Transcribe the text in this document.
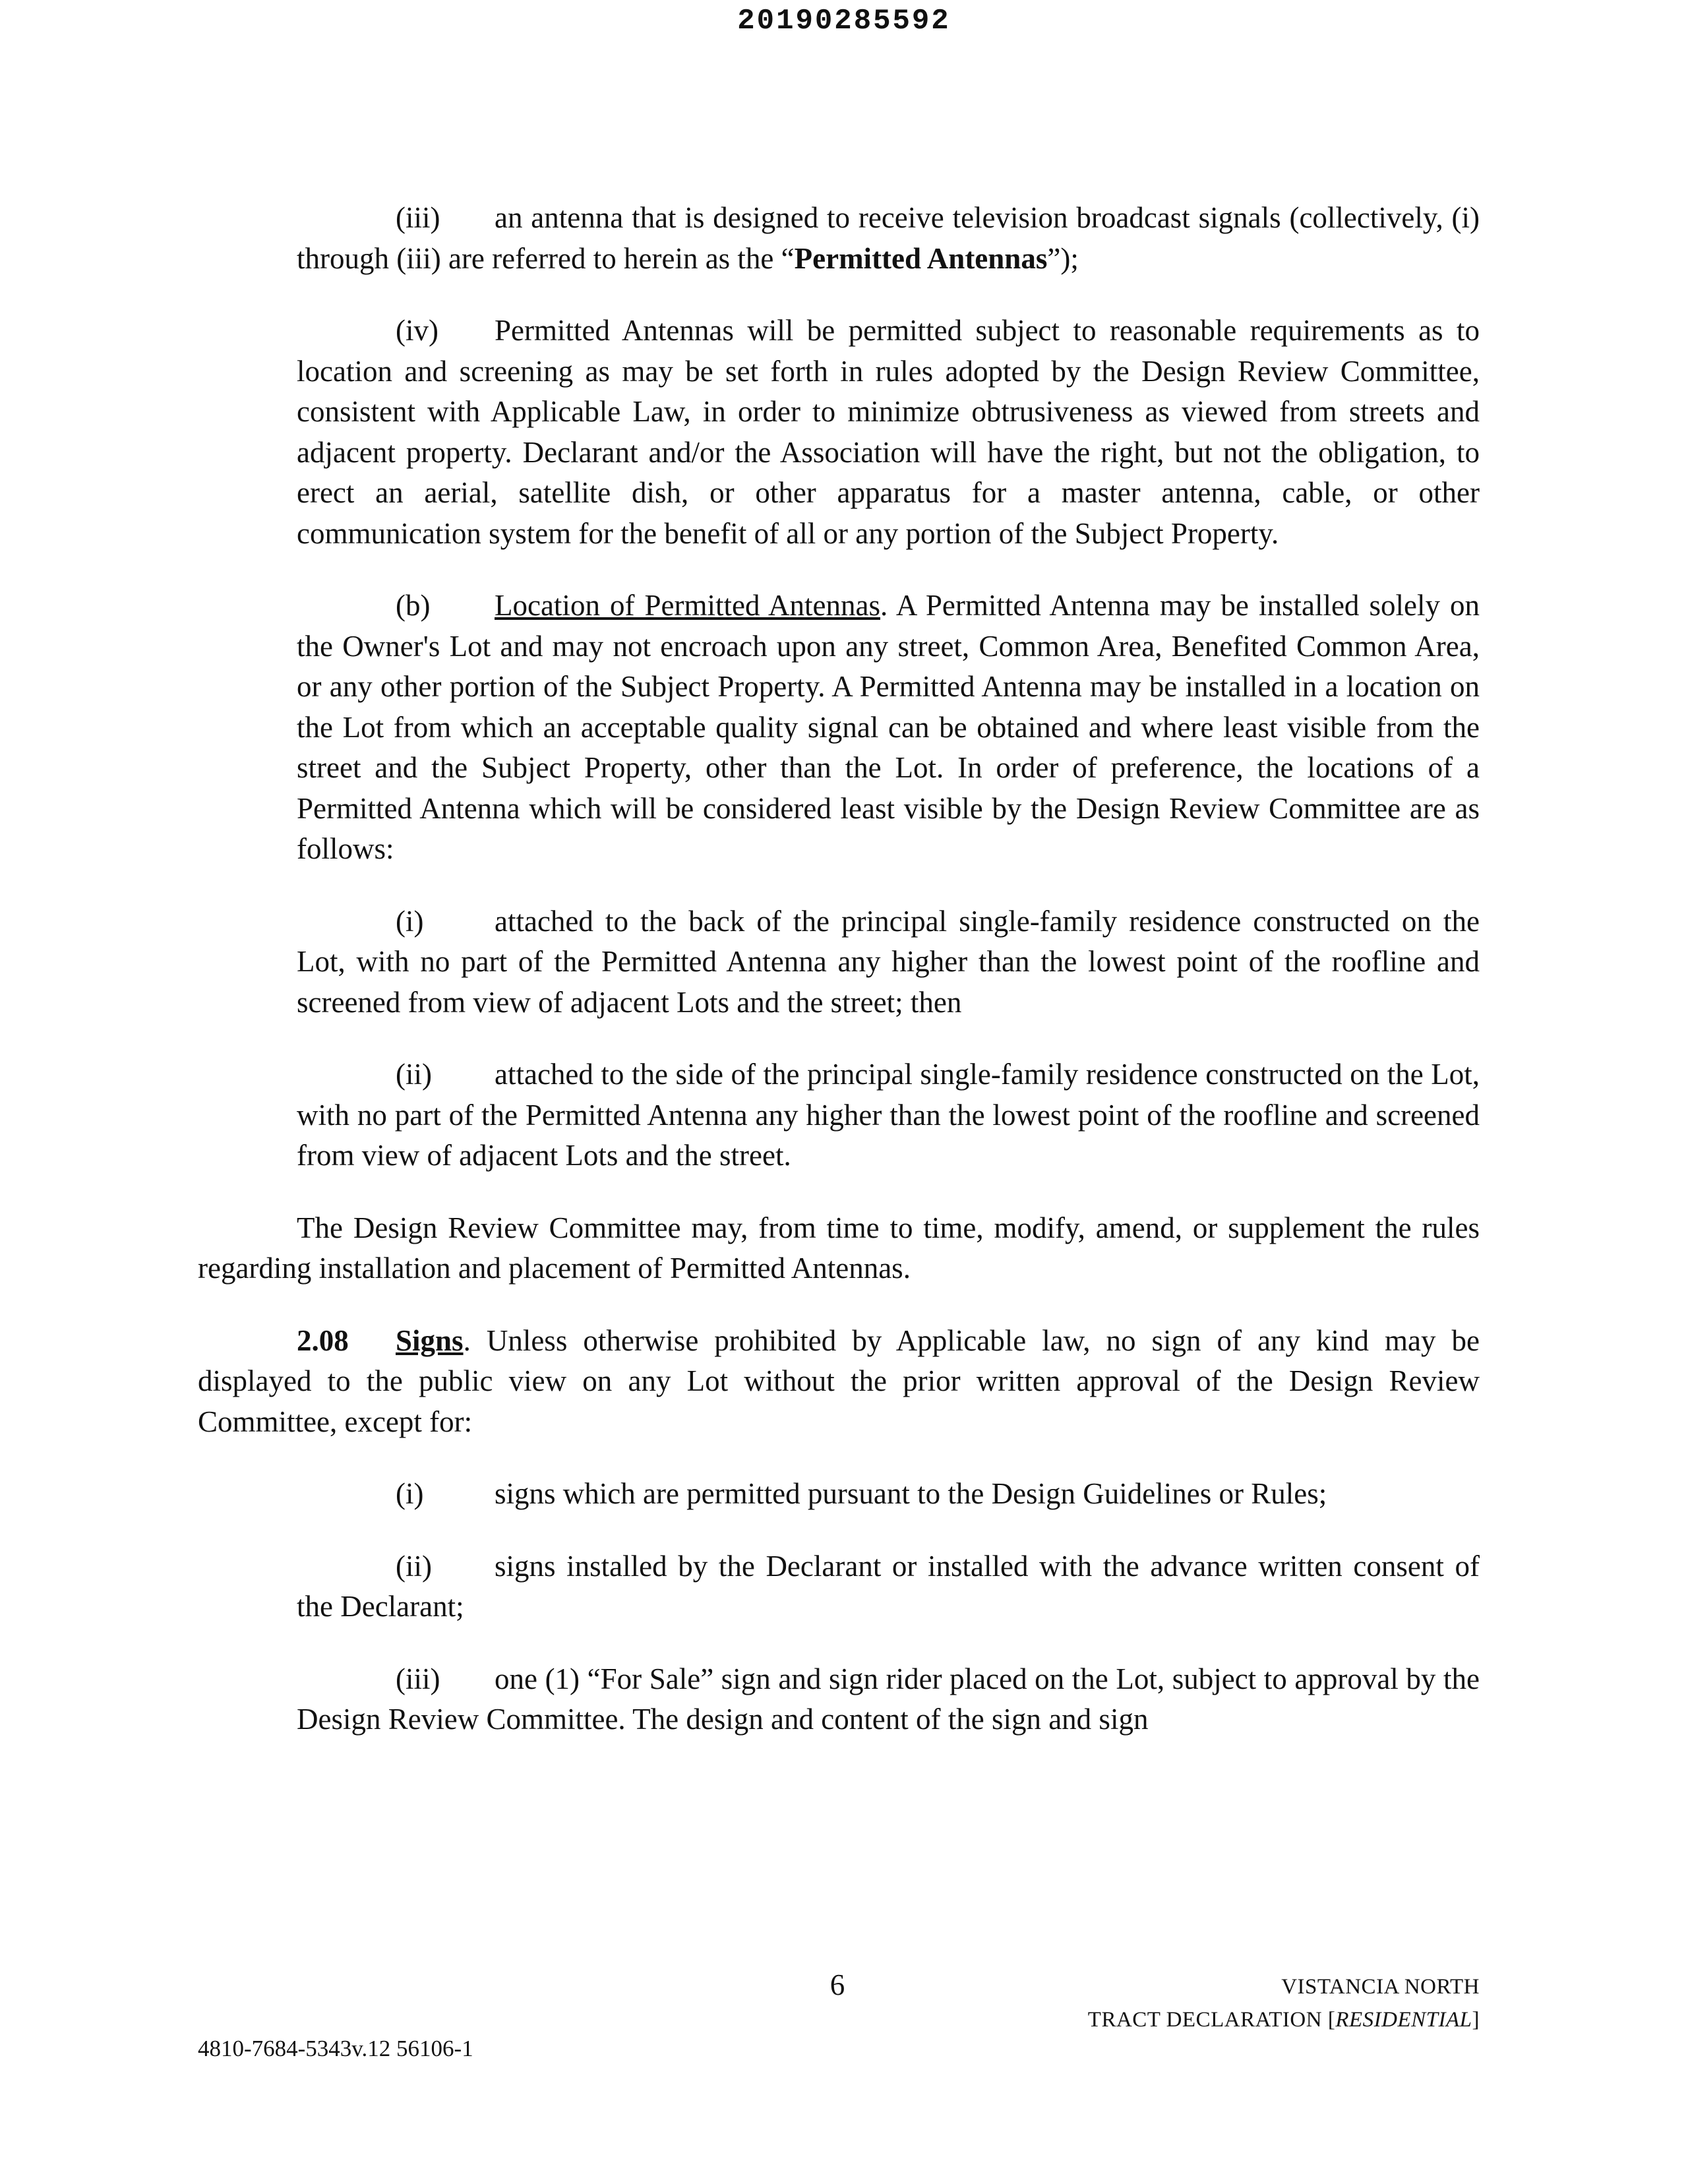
20190285592

(iii) an antenna that is designed to receive television broadcast signals (collectively, (i) through (iii) are referred to herein as the “Permitted Antennas”);

(iv) Permitted Antennas will be permitted subject to reasonable requirements as to location and screening as may be set forth in rules adopted by the Design Review Committee, consistent with Applicable Law, in order to minimize obtrusiveness as viewed from streets and adjacent property. Declarant and/or the Association will have the right, but not the obligation, to erect an aerial, satellite dish, or other apparatus for a master antenna, cable, or other communication system for the benefit of all or any portion of the Subject Property.

(b) Location of Permitted Antennas. A Permitted Antenna may be installed solely on the Owner's Lot and may not encroach upon any street, Common Area, Benefited Common Area, or any other portion of the Subject Property. A Permitted Antenna may be installed in a location on the Lot from which an acceptable quality signal can be obtained and where least visible from the street and the Subject Property, other than the Lot. In order of preference, the locations of a Permitted Antenna which will be considered least visible by the Design Review Committee are as follows:

(i) attached to the back of the principal single-family residence constructed on the Lot, with no part of the Permitted Antenna any higher than the lowest point of the roofline and screened from view of adjacent Lots and the street; then

(ii) attached to the side of the principal single-family residence constructed on the Lot, with no part of the Permitted Antenna any higher than the lowest point of the roofline and screened from view of adjacent Lots and the street.

The Design Review Committee may, from time to time, modify, amend, or supplement the rules regarding installation and placement of Permitted Antennas.

2.08 Signs. Unless otherwise prohibited by Applicable law, no sign of any kind may be displayed to the public view on any Lot without the prior written approval of the Design Review Committee, except for:

(i) signs which are permitted pursuant to the Design Guidelines or Rules;

(ii) signs installed by the Declarant or installed with the advance written consent of the Declarant;

(iii) one (1) “For Sale” sign and sign rider placed on the Lot, subject to approval by the Design Review Committee. The design and content of the sign and sign

6	VISTANCIA NORTH
TRACT DECLARATION [RESIDENTIAL]
4810-7684-5343v.12 56106-1
